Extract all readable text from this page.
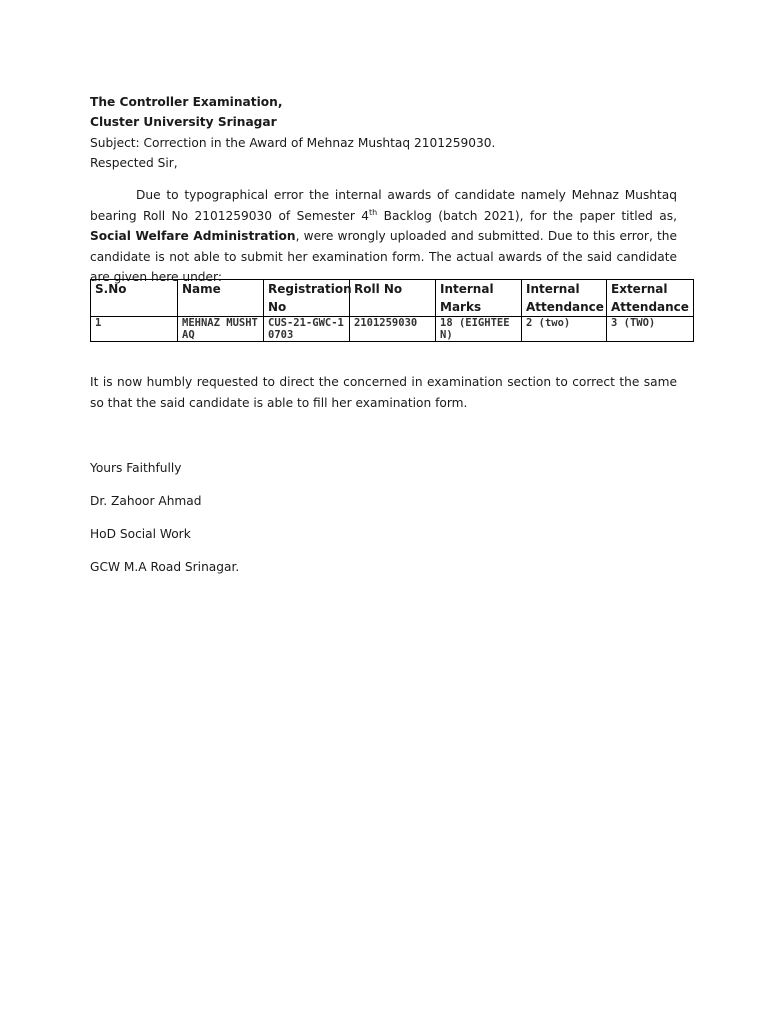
The Controller Examination,
Cluster University Srinagar
Subject: Correction in the Award of Mehnaz Mushtaq 2101259030.
Respected Sir,

Due to typographical error the internal awards of candidate namely Mehnaz Mushtaq bearing Roll No 2101259030 of Semester 4th Backlog (batch 2021), for the paper titled as, Social Welfare Administration, were wrongly uploaded and submitted. Due to this error, the candidate is not able to submit her examination form. The actual awards of the said candidate are given here under:

S.No	Name	Registration No	Roll No	Internal Marks	Internal Attendance	External Attendance
1	MEHNAZ MUSHTAQ	CUS-21-GWC-10703	2101259030	18 (EIGHTEEN)	2 (two)	3 (TWO)

It is now humbly requested to direct the concerned in examination section to correct the same so that the said candidate is able to fill her examination form.

Yours Faithfully
Dr. Zahoor Ahmad
HoD Social Work
GCW M.A Road Srinagar.
